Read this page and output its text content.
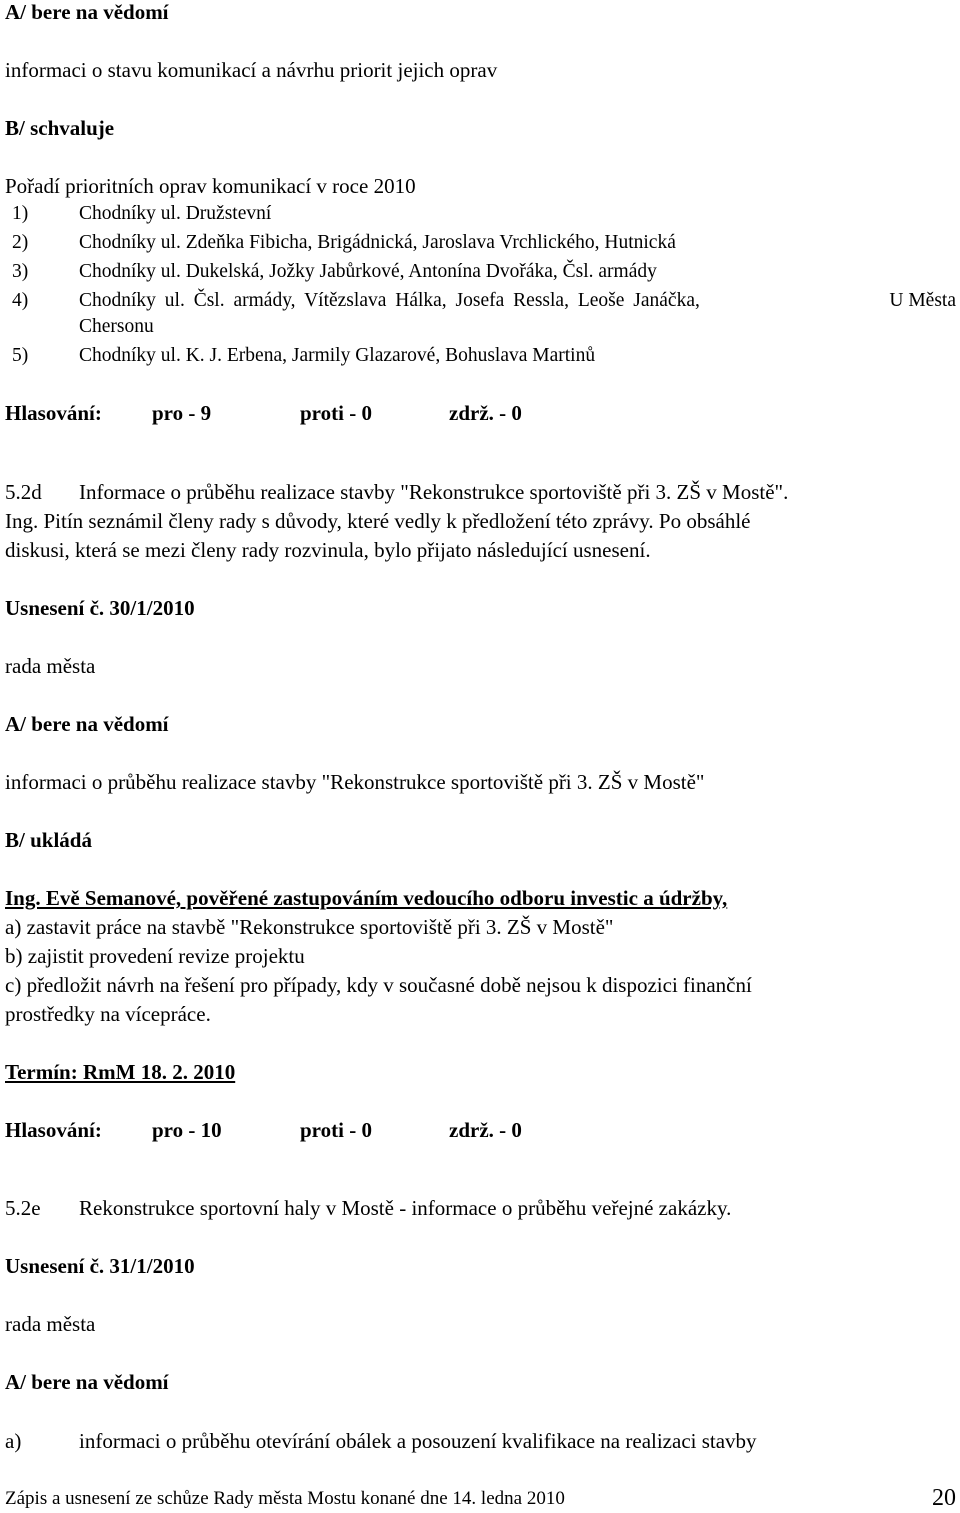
A/ bere na vědomí
informaci o stavu komunikací a návrhu priorit jejich oprav
B/ schvaluje
Pořadí prioritních oprav komunikací v roce 2010
1)	Chodníky ul. Družstevní
2)	Chodníky ul. Zdeňka Fibicha, Brigádnická, Jaroslava Vrchlického, Hutnická
3)	Chodníky ul. Dukelská, Jožky Jabůrkové, Antonína Dvořáka, Čsl. armády
4)	Chodníky ul. Čsl. armády, Vítězslava Hálka, Josefa Ressla, Leoše Janáčka,	U Města
Chersonu
5)	Chodníky ul. K. J. Erbena, Jarmily Glazarové, Bohuslava Martinů
Hlasování: pro - 9	proti - 0	zdrž. - 0
5.2d Informace o průběhu realizace stavby "Rekonstrukce sportoviště při 3. ZŠ v Mostě".
Ing. Pitín seznámil členy rady s důvody, které vedly k předložení této zprávy. Po obsáhlé
diskusi, která se mezi členy rady rozvinula, bylo přijato následující usnesení.
Usnesení č. 30/1/2010
rada města
A/ bere na vědomí
informaci o průběhu realizace stavby "Rekonstrukce sportoviště při 3. ZŠ v Mostě"
B/ ukládá
Ing. Evě Semanové, pověřené zastupováním vedoucího odboru investic a údržby,
a) zastavit práce na stavbě "Rekonstrukce sportoviště při 3. ZŠ v Mostě"
b) zajistit provedení revize projektu
c) předložit návrh na řešení pro případy, kdy v současné době nejsou k dispozici finanční
prostředky na vícepráce.
Termín: RmM 18. 2. 2010
Hlasování: pro - 10	proti - 0	zdrž. - 0
5.2e Rekonstrukce sportovní haly v Mostě - informace o průběhu veřejné zakázky.
Usnesení č. 31/1/2010
rada města
A/ bere na vědomí
a)	informaci o průběhu otevírání obálek a posouzení kvalifikace na realizaci stavby
Zápis a usnesení ze schůze Rady města Mostu konané dne 14. ledna 2010	20
